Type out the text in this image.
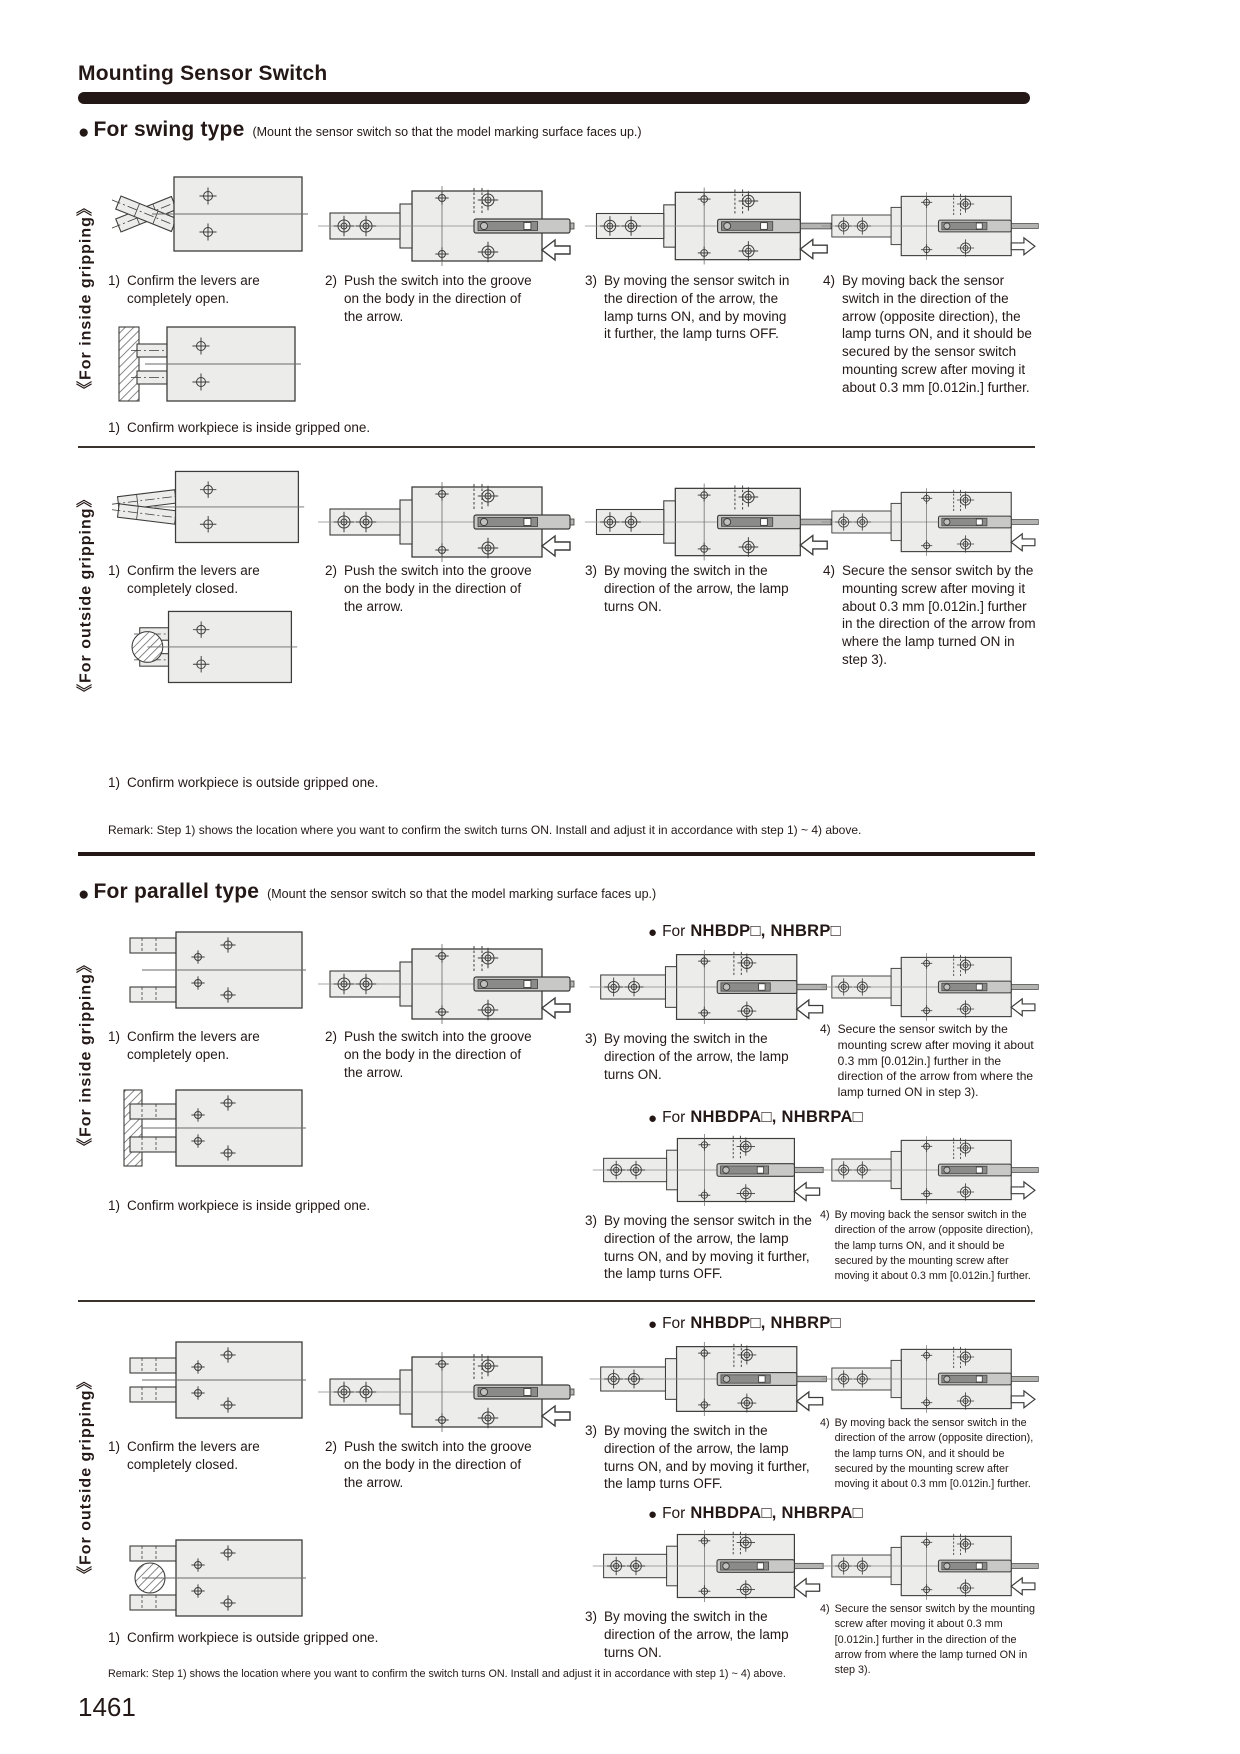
Mounting Sensor Switch
● For swing type (Mount the sensor switch so that the model marking surface faces up.)
《For inside gripping》 1) Confirm the levers are completely open.
2) Push the switch into the groove on the body in the direction of the arrow.
3) By moving the sensor switch in the direction of the arrow, the lamp turns ON, and by moving it further, the lamp turns OFF.
4) By moving back the sensor switch in the direction of the arrow (opposite direction), the lamp turns ON, and it should be secured by the sensor switch mounting screw after moving it about 0.3 mm [0.012in.] further.
1) Confirm workpiece is inside gripped one.
《For outside gripping》 1) Confirm the levers are completely closed.
2) Push the switch into the groove on the body in the direction of the arrow.
3) By moving the switch in the direction of the arrow, the lamp turns ON.
4) Secure the sensor switch by the mounting screw after moving it about 0.3 mm [0.012in.] further in the direction of the arrow from where the lamp turned ON in step 3).
1) Confirm workpiece is outside gripped one.
Remark: Step 1) shows the location where you want to confirm the switch turns ON. Install and adjust it in accordance with step 1) ~ 4) above.
● For parallel type (Mount the sensor switch so that the model marking surface faces up.)
《For inside gripping》 1) Confirm the levers are completely open.
2) Push the switch into the groove on the body in the direction of the arrow.
● For NHBDP□, NHBRP□
3) By moving the switch in the direction of the arrow, the lamp turns ON.
4) Secure the sensor switch by the mounting screw after moving it about 0.3 mm [0.012in.] further in the direction of the arrow from where the lamp turned ON in step 3).
● For NHBDPA□, NHBRPA□
3) By moving the sensor switch in the direction of the arrow, the lamp turns ON, and by moving it further, the lamp turns OFF.
4) By moving back the sensor switch in the direction of the arrow (opposite direction), the lamp turns ON, and it should be secured by the mounting screw after moving it about 0.3 mm [0.012in.] further.
1) Confirm workpiece is inside gripped one.
《For outside gripping》 1) Confirm the levers are completely closed.
2) Push the switch into the groove on the body in the direction of the arrow.
● For NHBDP□, NHBRP□
3) By moving the switch in the direction of the arrow, the lamp turns ON, and by moving it further, the lamp turns OFF.
4) By moving back the sensor switch in the direction of the arrow (opposite direction), the lamp turns ON, and it should be secured by the mounting screw after moving it about 0.3 mm [0.012in.] further.
● For NHBDPA□, NHBRPA□
3) By moving the switch in the direction of the arrow, the lamp turns ON.
4) Secure the sensor switch by the mounting screw after moving it about 0.3 mm [0.012in.] further in the direction of the arrow from where the lamp turned ON in step 3).
1) Confirm workpiece is outside gripped one.
Remark: Step 1) shows the location where you want to confirm the switch turns ON. Install and adjust it in accordance with step 1) ~ 4) above.
1461
